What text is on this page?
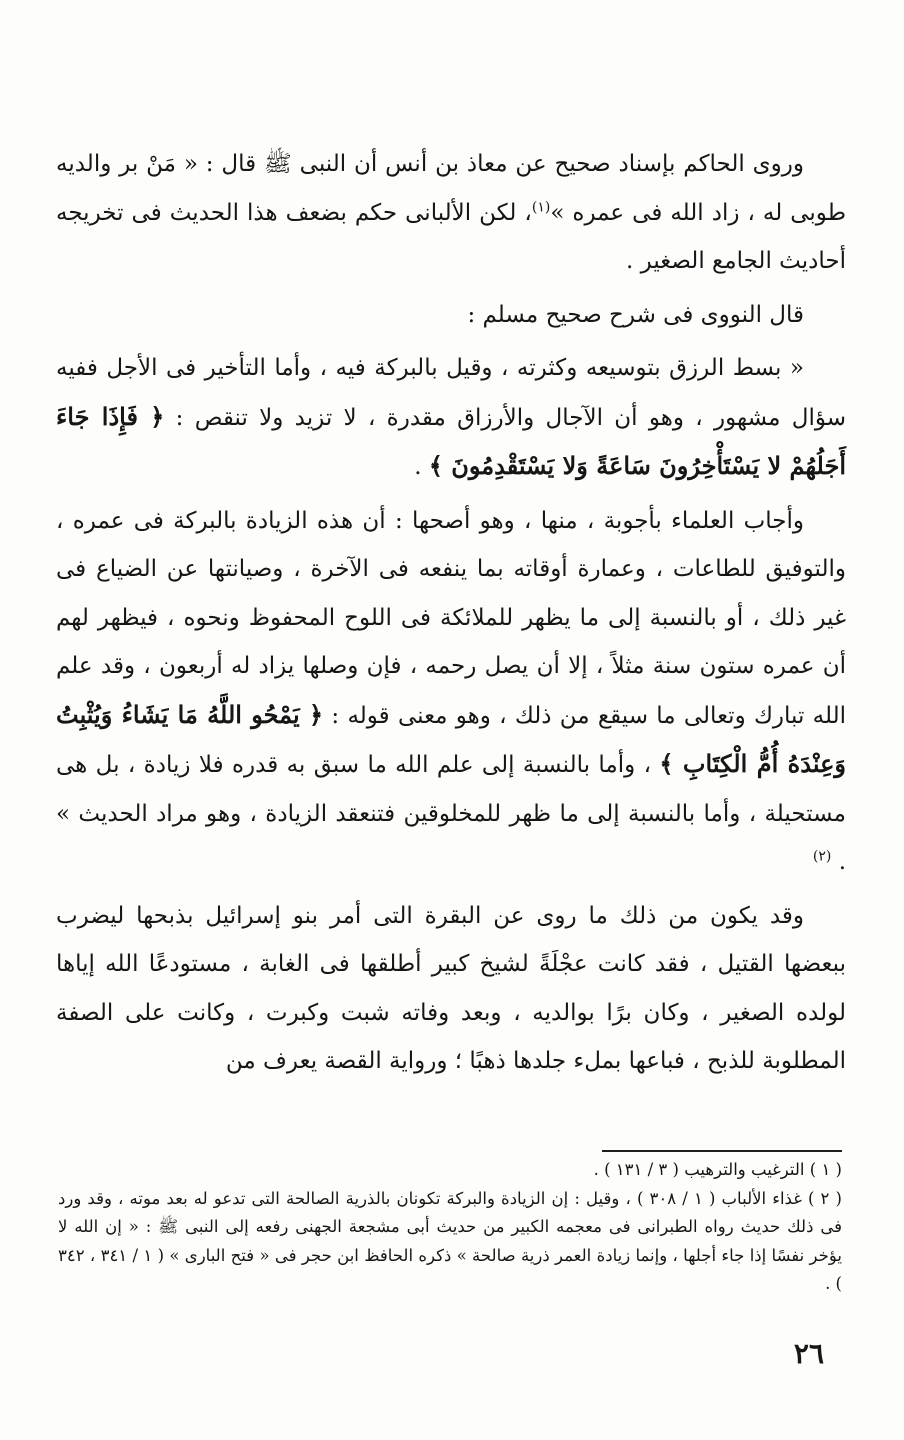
وروى الحاكم بإسناد صحيح عن معاذ بن أنس أن النبى ﷺ قال : « مَنْ بر والديه طوبى له ، زاد الله فى عمره »$^{(١)}$، لكن الألبانى حكم بضعف هذا الحديث فى تخريجه أحاديث الجامع الصغير .

قال النووى فى شرح صحيح مسلم :

« بسط الرزق بتوسيعه وكثرته ، وقيل بالبركة فيه ، وأما التأخير فى الأجل ففيه سؤال مشهور ، وهو أن الآجال والأرزاق مقدرة ، لا تزيد ولا تنقص : ﴿ فَإِذَا جَاءَ أَجَلُهُمْ لا يَسْتَأْخِرُونَ سَاعَةً وَلا يَسْتَقْدِمُونَ ﴾ .

وأجاب العلماء بأجوبة ، منها ، وهو أصحها : أن هذه الزيادة بالبركة فى عمره ، والتوفيق للطاعات ، وعمارة أوقاته بما ينفعه فى الآخرة ، وصيانتها عن الضياع فى غير ذلك ، أو بالنسبة إلى ما يظهر للملائكة فى اللوح المحفوظ ونحوه ، فيظهر لهم أن عمره ستون سنة مثلاً ، إلا أن يصل رحمه ، فإن وصلها يزاد له أربعون ، وقد علم الله تبارك وتعالى ما سيقع من ذلك ، وهو معنى قوله : ﴿ يَمْحُو اللَّهُ مَا يَشَاءُ وَيُثْبِتُ وَعِنْدَهُ أُمُّ الْكِتَابِ ﴾ ، وأما بالنسبة إلى علم الله ما سبق به قدره فلا زيادة ، بل هى مستحيلة ، وأما بالنسبة إلى ما ظهر للمخلوقين فتنعقد الزيادة ، وهو مراد الحديث » . $^{(٢)}$

وقد يكون من ذلك ما روى عن البقرة التى أمر بنو إسرائيل بذبحها ليضرب ببعضها القتيل ، فقد كانت عجْلَةً لشيخ كبير أطلقها فى الغابة ، مستودعًا الله إياها لولده الصغير ، وكان برًا بوالديه ، وبعد وفاته شبت وكبرت ، وكانت على الصفة المطلوبة للذبح ، فباعها بملء جلدها ذهبًا ؛ ورواية القصة يعرف من

( ١ ) الترغيب والترهيب ( ٣ / ١٣١ ) .

( ٢ ) غذاء الألباب ( ١ / ٣٠٨ ) ، وقيل : إن الزيادة والبركة تكونان بالذرية الصالحة التى تدعو له بعد موته ، وقد ورد فى ذلك حديث رواه الطبرانى فى معجمه الكبير من حديث أبى مشجعة الجهنى رفعه إلى النبى ﷺ : « إن الله لا يؤخر نفسًا إذا جاء أجلها ، وإنما زيادة العمر ذرية صالحة » ذكره الحافظ ابن حجر فى « فتح البارى » ( ١ / ٣٤١ ، ٣٤٢ ) .

٢٦
